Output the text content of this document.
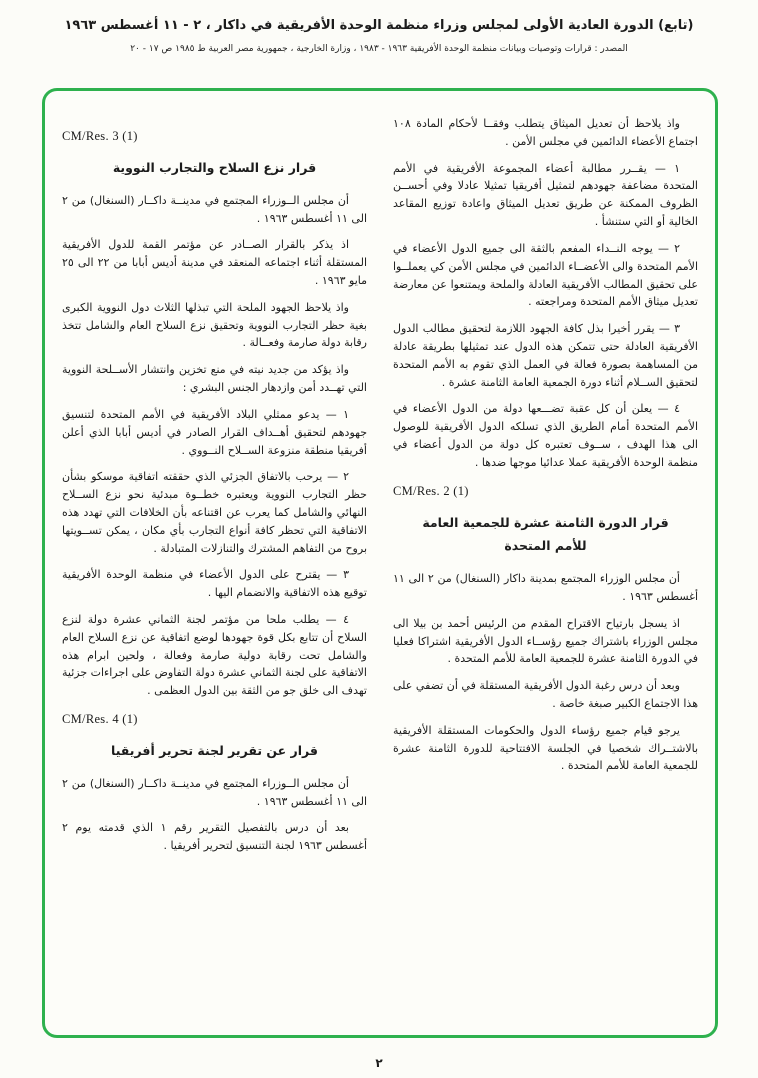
(تابع) الدورة العادية الأولى لمجلس وزراء منظمة الوحدة الأفريقية في داكار ، ٢ - ١١ أغسطس ١٩٦٣
المصدر : قرارات وتوصيات وبيانات منظمة الوحدة الأفريقية ١٩٦٣ - ١٩٨٣ ، وزارة الخارجية ، جمهورية مصر العربية ط ١٩٨٥ ص ١٧ - ٢٠

واذ يلاحظ أن تعديل الميثاق يتطلب وفقــا لأحكام المادة ١٠٨ اجتماع الأعضاء الدائمين في مجلس الأمن .

١ — يقــرر مطالبة أعضاء المجموعة الأفريقية في الأمم المتحدة مضاعفة جهودهم لتمثيل أفريقيا تمثيلا عادلا وفي أحســن الظروف الممكنة عن طريق تعديل الميثاق واعادة توزيع المقاعد الخالية أو التي ستنشأ .

٢ — يوجه النــداء المفعم بالثقة الى جميع الدول الأعضاء في الأمم المتحدة والى الأعضــاء الدائمين في مجلس الأمن كي يعملــوا على تحقيق المطالب الأفريقية العادلة والملحة ويمتنعوا عن معارضة تعديل ميثاق الأمم المتحدة ومراجعته .

٣ — يقرر أخيرا بذل كافة الجهود اللازمة لتحقيق مطالب الدول الأفريقية العادلة حتى تتمكن هذه الدول عند تمثيلها بطريقة عادلة من المساهمة بصورة فعالة في العمل الذي تقوم به الأمم المتحدة لتحقيق الســلام أثناء دورة الجمعية العامة الثامنة عشرة .

٤ — يعلن أن كل عقبة تضـــعها دولة من الدول الأعضاء في الأمم المتحدة أمام الطريق الذي تسلكه الدول الأفريقية للوصول الى هذا الهدف ، ســوف تعتبره كل دولة من الدول أعضاء في منظمة الوحدة الأفريقية عملا عدائيا موجها ضدها .

CM/Res. 2 (1)
قرار الدورة الثامنة عشرة للجمعية العامة للأمم المتحدة

أن مجلس الوزراء المجتمع بمدينة داكار (السنغال) من ٢ الى ١١ أغسطس ١٩٦٣ .

اذ يسجل بارتياح الاقتراح المقدم من الرئيس أحمد بن بيلا الى مجلس الوزراء باشتراك جميع رؤســاء الدول الأفريقية اشتراكا فعليا في الدورة الثامنة عشرة للجمعية العامة للأمم المتحدة .

وبعد أن درس رغبة الدول الأفريقية المستقلة في أن تضفي على هذا الاجتماع الكبير صبغة خاصة .

يرجو قيام جميع رؤساء الدول والحكومات المستقلة الأفريقية بالاشتــراك شخصيا في الجلسة الافتتاحية للدورة الثامنة عشرة للجمعية العامة للأمم المتحدة .

CM/Res. 3 (1)
قرار نزع السلاح والتجارب النووية

أن مجلس الــوزراء المجتمع في مدينــة داكــار (السنغال) من ٢ الى ١١ أغسطس ١٩٦٣ .

اذ يذكر بالقرار الصــادر عن مؤتمر القمة للدول الأفريقية المستقلة أثناء اجتماعه المنعقد في مدينة أديس أبابا من ٢٢ الى ٢٥ مايو ١٩٦٣ .

واذ يلاحظ الجهود الملحة التي تبذلها الثلاث دول النووية الكبرى بغية حظر التجارب النووية وتحقيق نزع السلاح العام والشامل تتخذ رقابة دولة صارمة وفعــالة .

واذ يؤكد من جديد نيته في منع تخزين وانتشار الأســلحة النووية التي تهــدد أمن وازدهار الجنس البشري :

١ — يدعو ممثلي البلاد الأفريقية في الأمم المتحدة لتنسيق جهودهم لتحقيق أهــداف القرار الصادر في أديس أبابا الذي أعلن أفريقيا منطقة منزوعة الســلاح النــووي .

٢ — يرحب بالاتفاق الجزئي الذي حققته اتفاقية موسكو بشأن حظر التجارب النووية ويعتبره خطــوة مبدئية نحو نزع الســلاح النهائي والشامل كما يعرب عن اقتناعه بأن الخلافات التي تهدد هذه الاتفاقية التي تحظر كافة أنواع التجارب بأي مكان ، يمكن تســويتها بروح من التفاهم المشترك والتنازلات المتبادلة .

٣ — يقترح على الدول الأعضاء في منظمة الوحدة الأفريقية توقيع هذه الاتفاقية والانضمام اليها .

٤ — يطلب ملحا من مؤتمر لجنة الثماني عشرة دولة لنزع السلاح أن تتابع بكل قوة جهودها لوضع اتفاقية عن نزع السلاح العام والشامل تحت رقابة دولية صارمة وفعالة ، ولحين ابرام هذه الاتفاقية على لجنة الثماني عشرة دولة التفاوض على اجراءات جزئية تهدف الى خلق جو من الثقة بين الدول العظمى .

CM/Res. 4 (1)
قرار عن تقرير لجنة تحرير أفريقيا

أن مجلس الــوزراء المجتمع في مدينــة داكــار (السنغال) من ٢ الى ١١ أغسطس ١٩٦٣ .

بعد أن درس بالتفصيل التقرير رقم ١ الذي قدمته يوم ٢ أغسطس ١٩٦٣ لجنة التنسيق لتحرير أفريقيا .

٢
